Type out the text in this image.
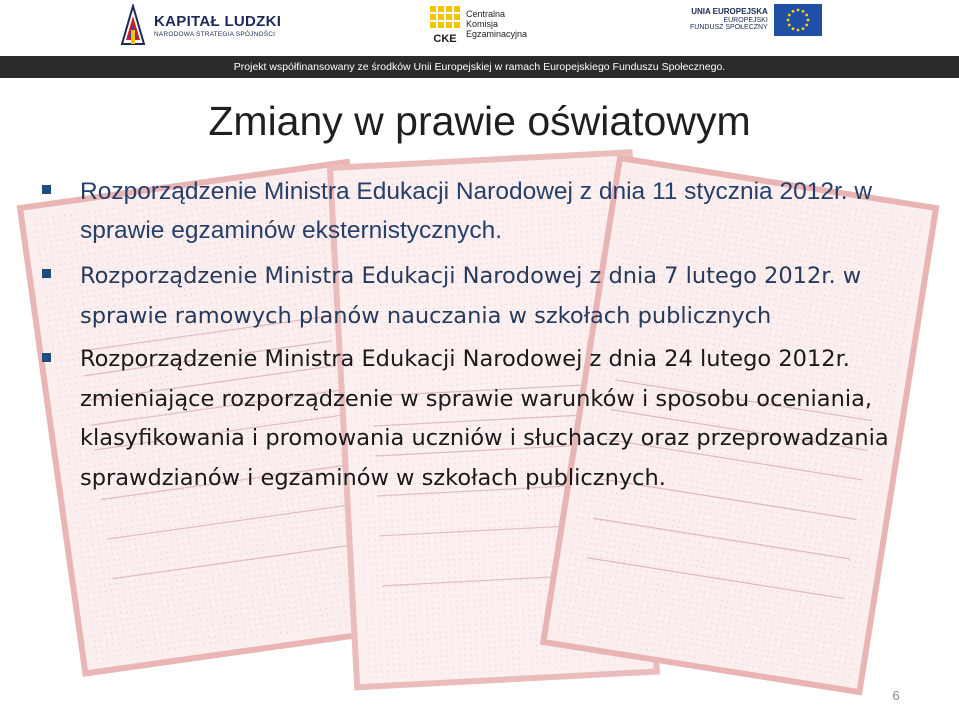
KAPITAŁ LUDZKI
NARODOWA STRATEGIA SPÓJNOŚCI	CKE
Centralna
Komisja
Egzaminacyjna
UNIA EUROPEJSKA
EUROPEJSKI
FUNDUSZ SPOŁECZNY
Projekt współfinansowany ze środków Unii Europejskiej w ramach Europejskiego Funduszu Społecznego.
Zmiany w prawie oświatowym
Rozporządzenie Ministra Edukacji Narodowej z dnia 11 stycznia 2012r. w sprawie egzaminów eksternistycznych.
Rozporządzenie Ministra Edukacji Narodowej z dnia 7 lutego 2012r. w sprawie ramowych planów nauczania w szkołach publicznych
Rozporządzenie Ministra Edukacji Narodowej z dnia 24 lutego 2012r. zmieniające rozporządzenie w sprawie warunków i sposobu oceniania, klasyfikowania i promowania uczniów i słuchaczy oraz przeprowadzania sprawdzianów i egzaminów w szkołach publicznych.
6
